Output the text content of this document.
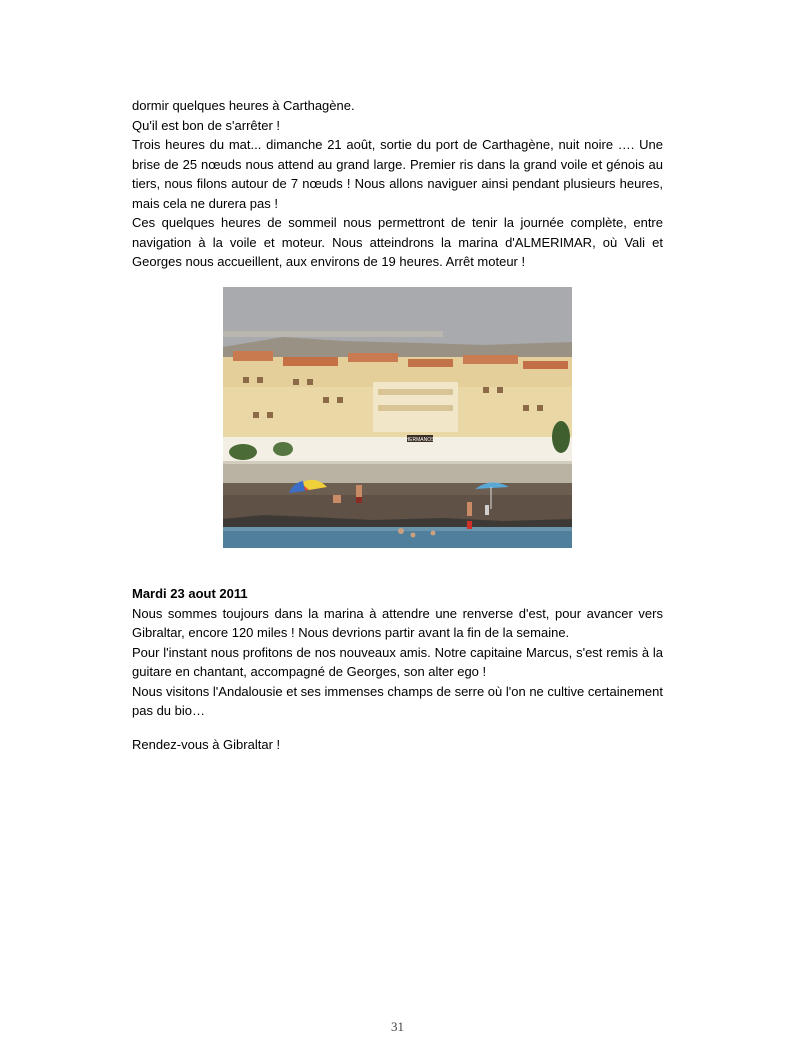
dormir quelques heures à Carthagène.

Qu'il est bon de s'arrêter !

Trois heures du mat... dimanche 21 août, sortie du port de Carthagène, nuit noire …. Une brise de 25 nœuds nous attend au grand large. Premier ris dans la grand voile et génois au tiers, nous filons autour de 7 nœuds ! Nous allons naviguer ainsi pendant plusieurs heures, mais cela ne durera pas !

Ces quelques heures de sommeil nous permettront de tenir la journée complète, entre navigation à la voile et moteur. Nous atteindrons la marina d'ALMERIMAR, où Vali et Georges nous accueillent, aux environs de 19 heures. Arrêt moteur !

HERMANOS

Mardi 23 aout 2011

Nous sommes toujours dans la marina à attendre une renverse d'est, pour avancer vers Gibraltar, encore 120 miles ! Nous devrions partir avant la fin de la semaine.

Pour l'instant nous profitons de nos nouveaux amis. Notre capitaine Marcus, s'est remis à la guitare en chantant, accompagné de Georges, son alter ego !

Nous visitons l'Andalousie et ses immenses champs de serre où l'on ne cultive certainement pas du bio…

Rendez-vous à Gibraltar !
31
